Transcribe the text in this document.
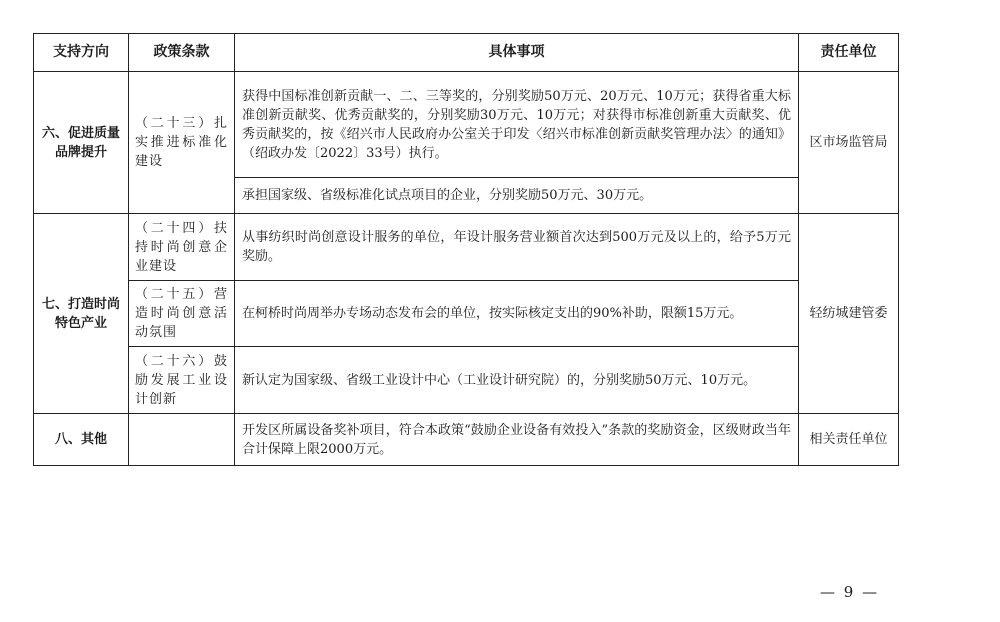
支持方向	政策条款	具体事项	责任单位
六、促进质量品牌提升	（二十三）扎实推进标准化建设	获得中国标准创新贡献一、二、三等奖的，分别奖励50万元、20万元、10万元；获得省重大标准创新贡献奖、优秀贡献奖的，分别奖励30万元、10万元；对获得市标准创新重大贡献奖、优秀贡献奖的，按《绍兴市人民政府办公室关于印发〈绍兴市标准创新贡献奖管理办法〉的通知》（绍政办发〔2022〕33号）执行。	区市场监管局
		承担国家级、省级标准化试点项目的企业，分别奖励50万元、30万元。	
七、打造时尚特色产业	（二十四）扶持时尚创意企业建设	从事纺织时尚创意设计服务的单位，年设计服务营业额首次达到500万元及以上的，给予5万元奖励。	轻纺城建管委
	（二十五）营造时尚创意活动氛围	在柯桥时尚周举办专场动态发布会的单位，按实际核定支出的90%补助，限额15万元。	
	（二十六）鼓励发展工业设计创新	新认定为国家级、省级工业设计中心（工业设计研究院）的，分别奖励50万元、10万元。	
八、其他		开发区所属设备奖补项目，符合本政策“鼓励企业设备有效投入”条款的奖励资金，区级财政当年合计保障上限2000万元。	相关责任单位
— 9 —
